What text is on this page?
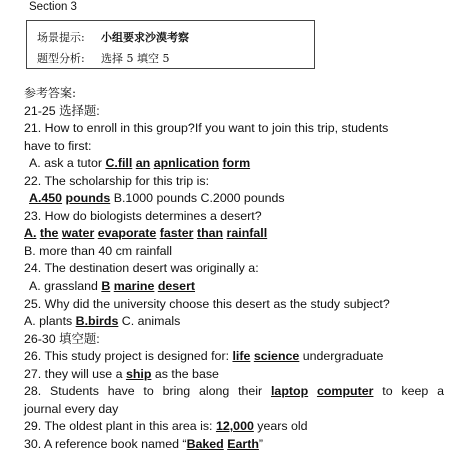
Section 3
场景提示: 小组要求沙漠考察
题型分析: 选择 5 填空 5
参考答案:
21-25 选择题:
21. How to enroll in this group?If you want to join this trip, students
have to first:
A. ask a tutor C.fill an apnlication form
22. The scholarship for this trip is:
A.450 pounds B.1000 pounds C.2000 pounds
23. How do biologists determines a desert?
A. the water evaporate faster than rainfall
B. more than 40 cm rainfall
24. The destination desert was originally a:
A. grassland B marine desert
25. Why did the university choose this desert as the study subject?
A. plants B.birds C. animals
26-30 填空题:
26. This study project is designed for: life science undergraduate
27. they will use a ship as the base
28. Students have to bring along their laptop computer to keep a
journal every day
29. The oldest plant in this area is: 12,000 years old
30. A reference book named “Baked Earth”
